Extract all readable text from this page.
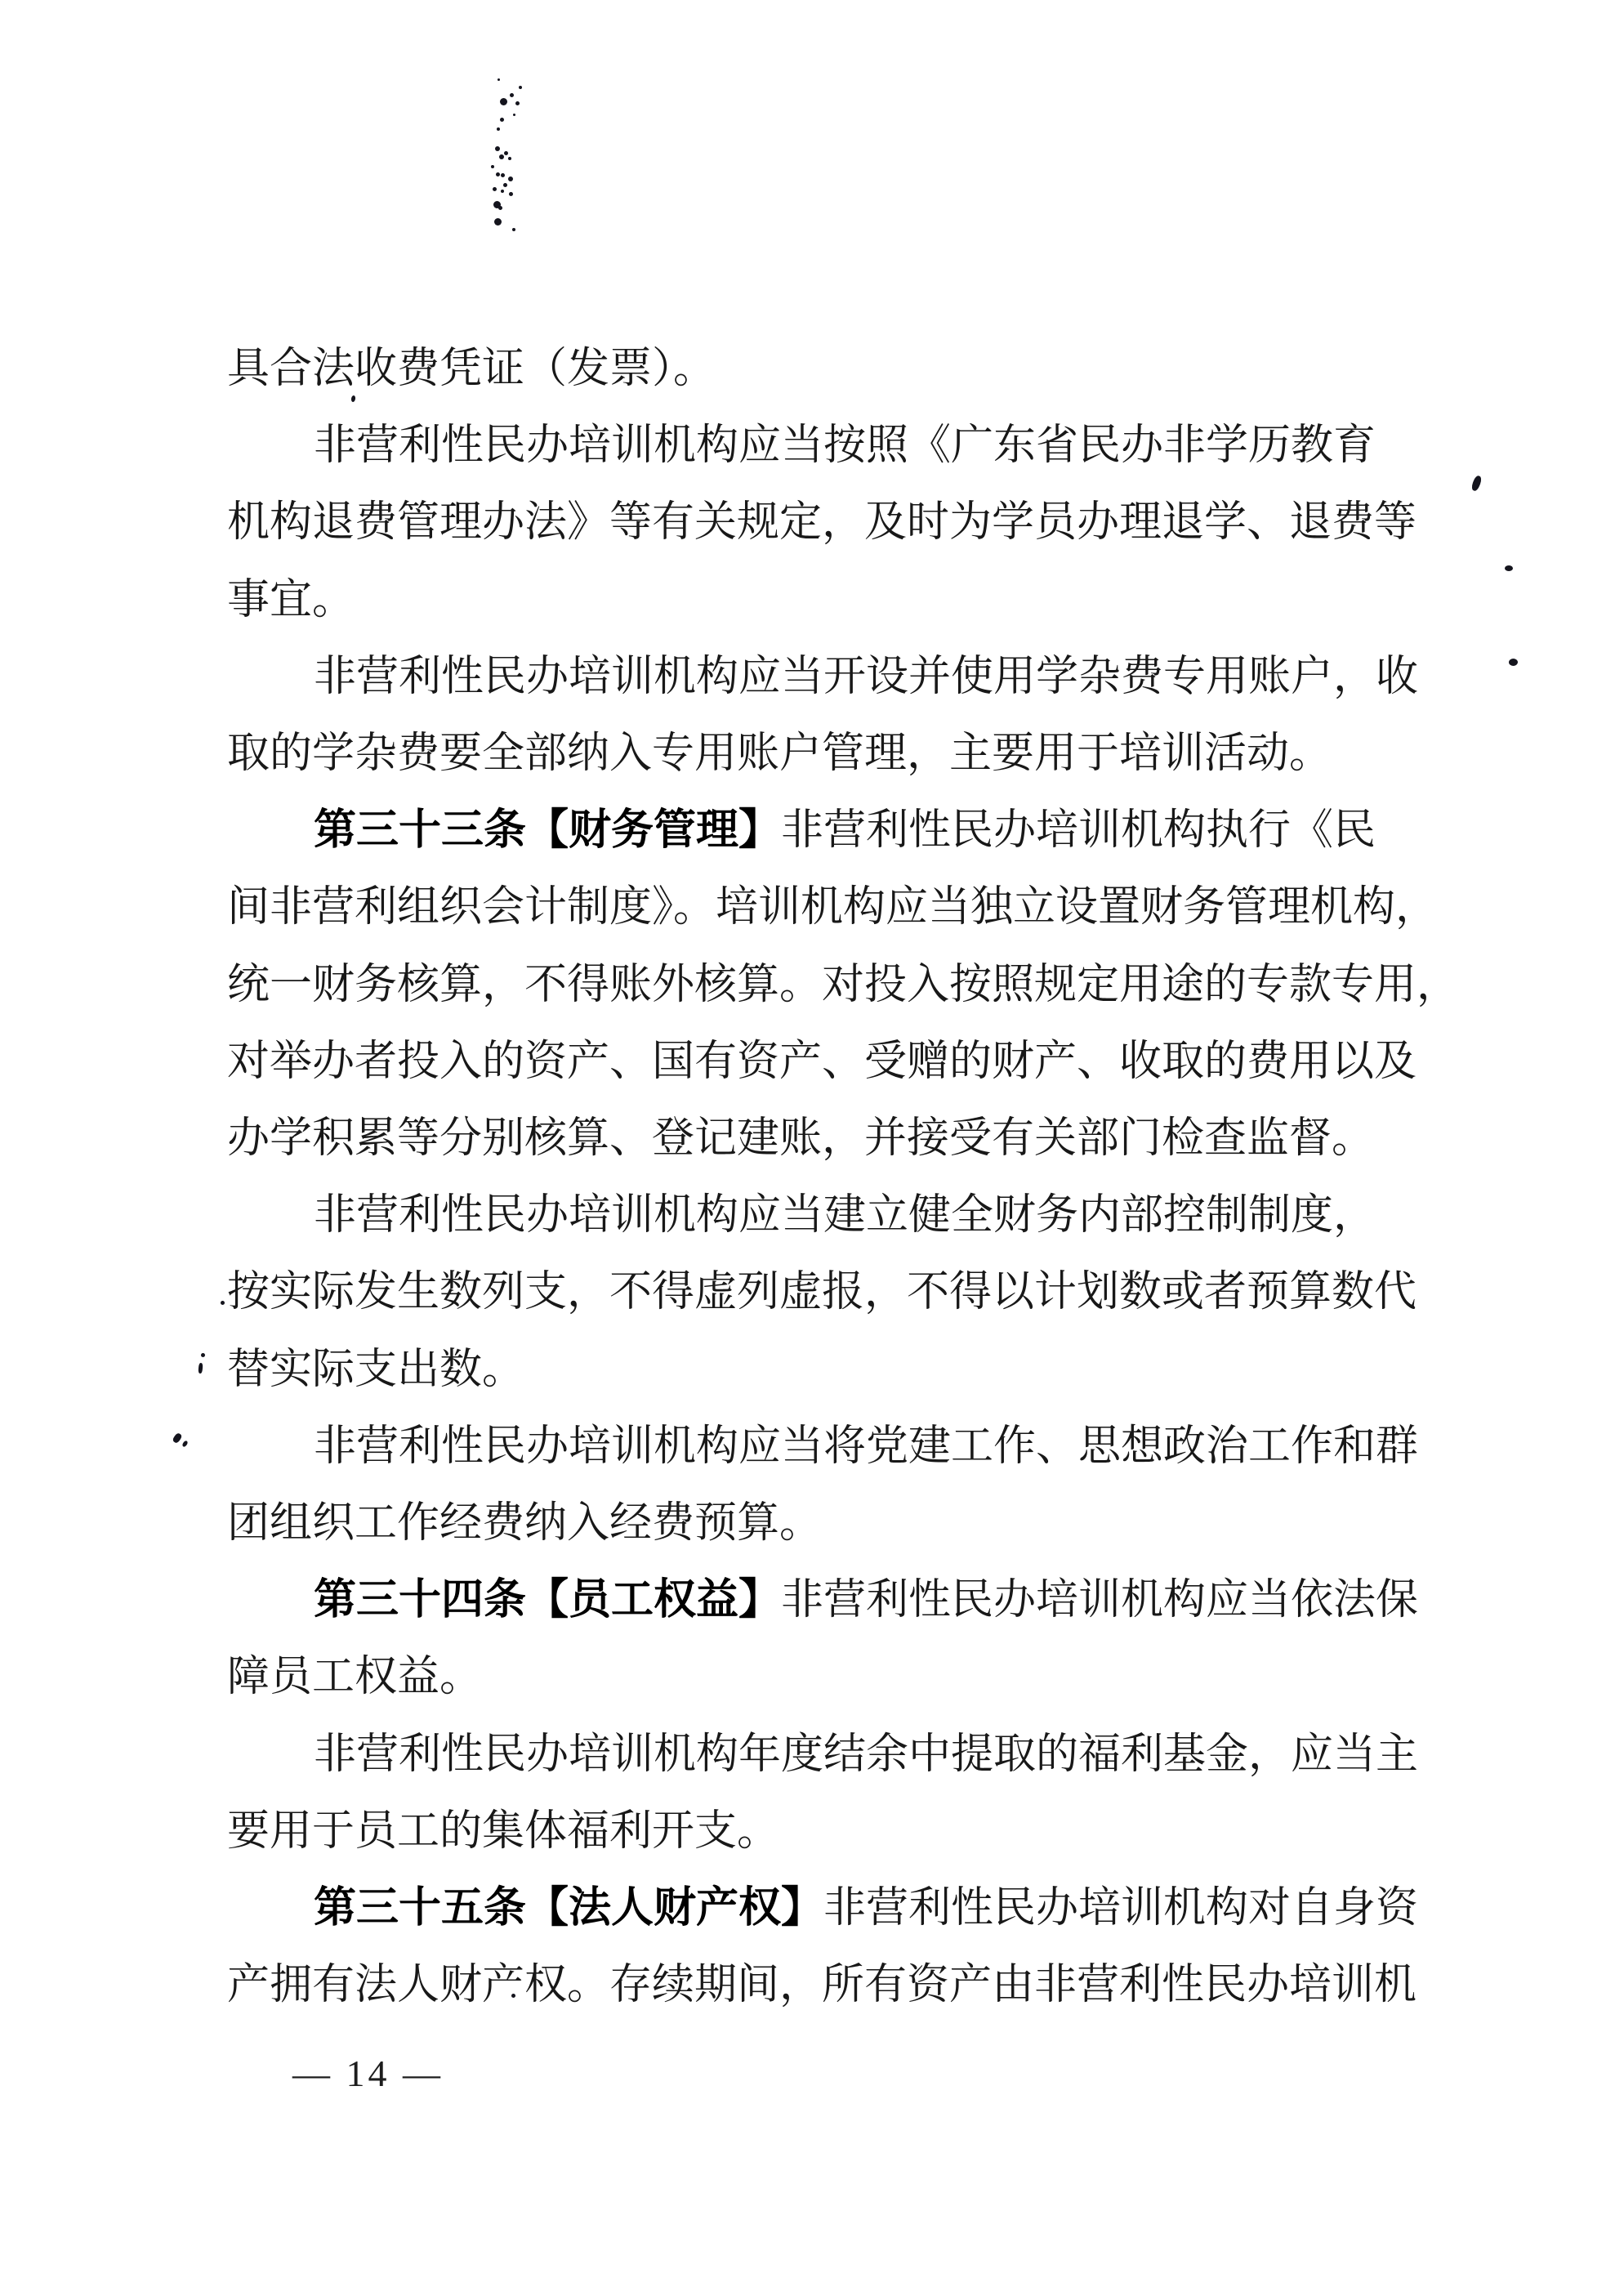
具合法收费凭证（发票）。
非营利性民办培训机构应当按照《广东省民办非学历教育
机构退费管理办法》等有关规定，及时为学员办理退学、退费等
事宜。
非营利性民办培训机构应当开设并使用学杂费专用账户，收
取的学杂费要全部纳入专用账户管理，主要用于培训活动。
第三十三条【财务管理】非营利性民办培训机构执行《民
间非营利组织会计制度》。培训机构应当独立设置财务管理机构，
统一财务核算，不得账外核算。对投入按照规定用途的专款专用，
对举办者投入的资产、国有资产、受赠的财产、收取的费用以及
办学积累等分别核算、登记建账，并接受有关部门检查监督。
非营利性民办培训机构应当建立健全财务内部控制制度，
按实际发生数列支，不得虚列虚报，不得以计划数或者预算数代
替实际支出数。
非营利性民办培训机构应当将党建工作、思想政治工作和群
团组织工作经费纳入经费预算。
第三十四条【员工权益】非营利性民办培训机构应当依法保
障员工权益。
非营利性民办培训机构年度结余中提取的福利基金，应当主
要用于员工的集体福利开支。
第三十五条【法人财产权】非营利性民办培训机构对自身资
产拥有法人财产权。存续期间，所有资产由非营利性民办培训机

— 14 —
